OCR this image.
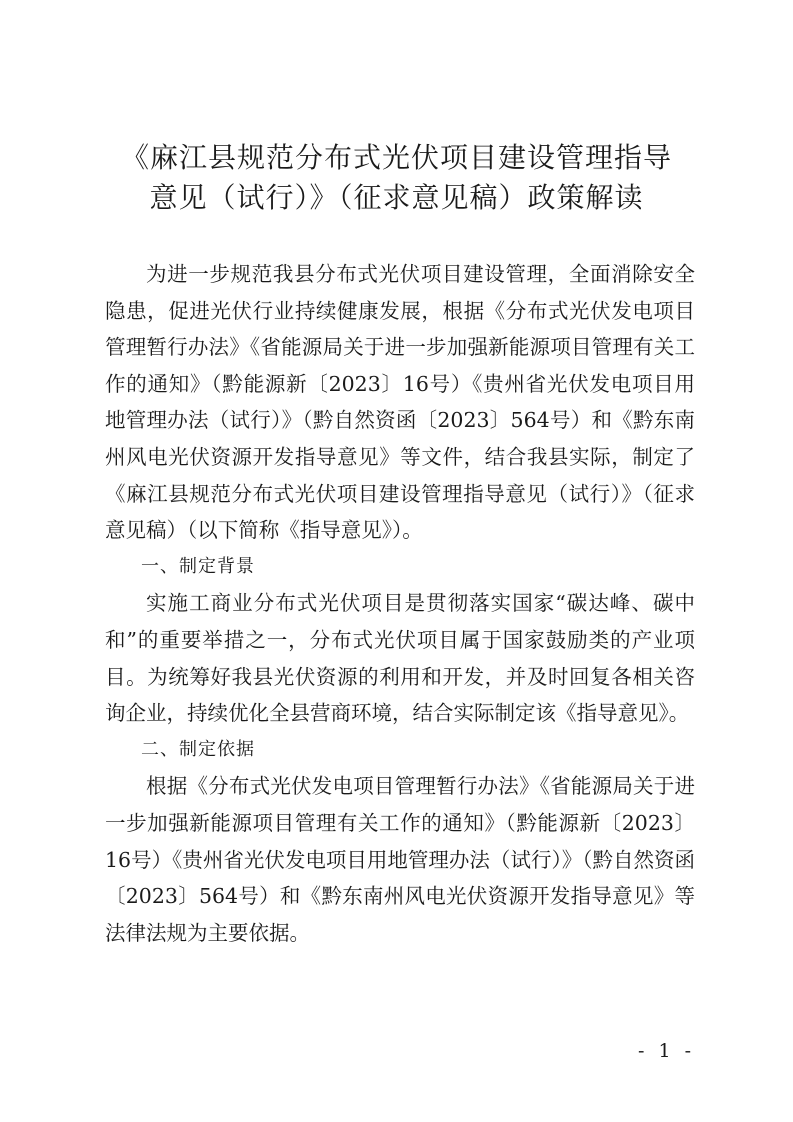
《麻江县规范分布式光伏项目建设管理指导
意见（试行）》（征求意见稿）政策解读

为进一步规范我县分布式光伏项目建设管理，全面消除安全隐患，促进光伏行业持续健康发展，根据《分布式光伏发电项目管理暂行办法》《省能源局关于进一步加强新能源项目管理有关工作的通知》（黔能源新〔2023〕16号）《贵州省光伏发电项目用地管理办法（试行）》（黔自然资函〔2023〕564号）和《黔东南州风电光伏资源开发指导意见》等文件，结合我县实际，制定了《麻江县规范分布式光伏项目建设管理指导意见（试行）》（征求意见稿）（以下简称《指导意见》）。

一、制定背景

实施工商业分布式光伏项目是贯彻落实国家“碳达峰、碳中和”的重要举措之一，分布式光伏项目属于国家鼓励类的产业项目。为统筹好我县光伏资源的利用和开发，并及时回复各相关咨询企业，持续优化全县营商环境，结合实际制定该《指导意见》。

二、制定依据

根据《分布式光伏发电项目管理暂行办法》《省能源局关于进一步加强新能源项目管理有关工作的通知》（黔能源新〔2023〕16号）《贵州省光伏发电项目用地管理办法（试行）》（黔自然资函〔2023〕564号）和《黔东南州风电光伏资源开发指导意见》等法律法规为主要依据。

- 1 -
